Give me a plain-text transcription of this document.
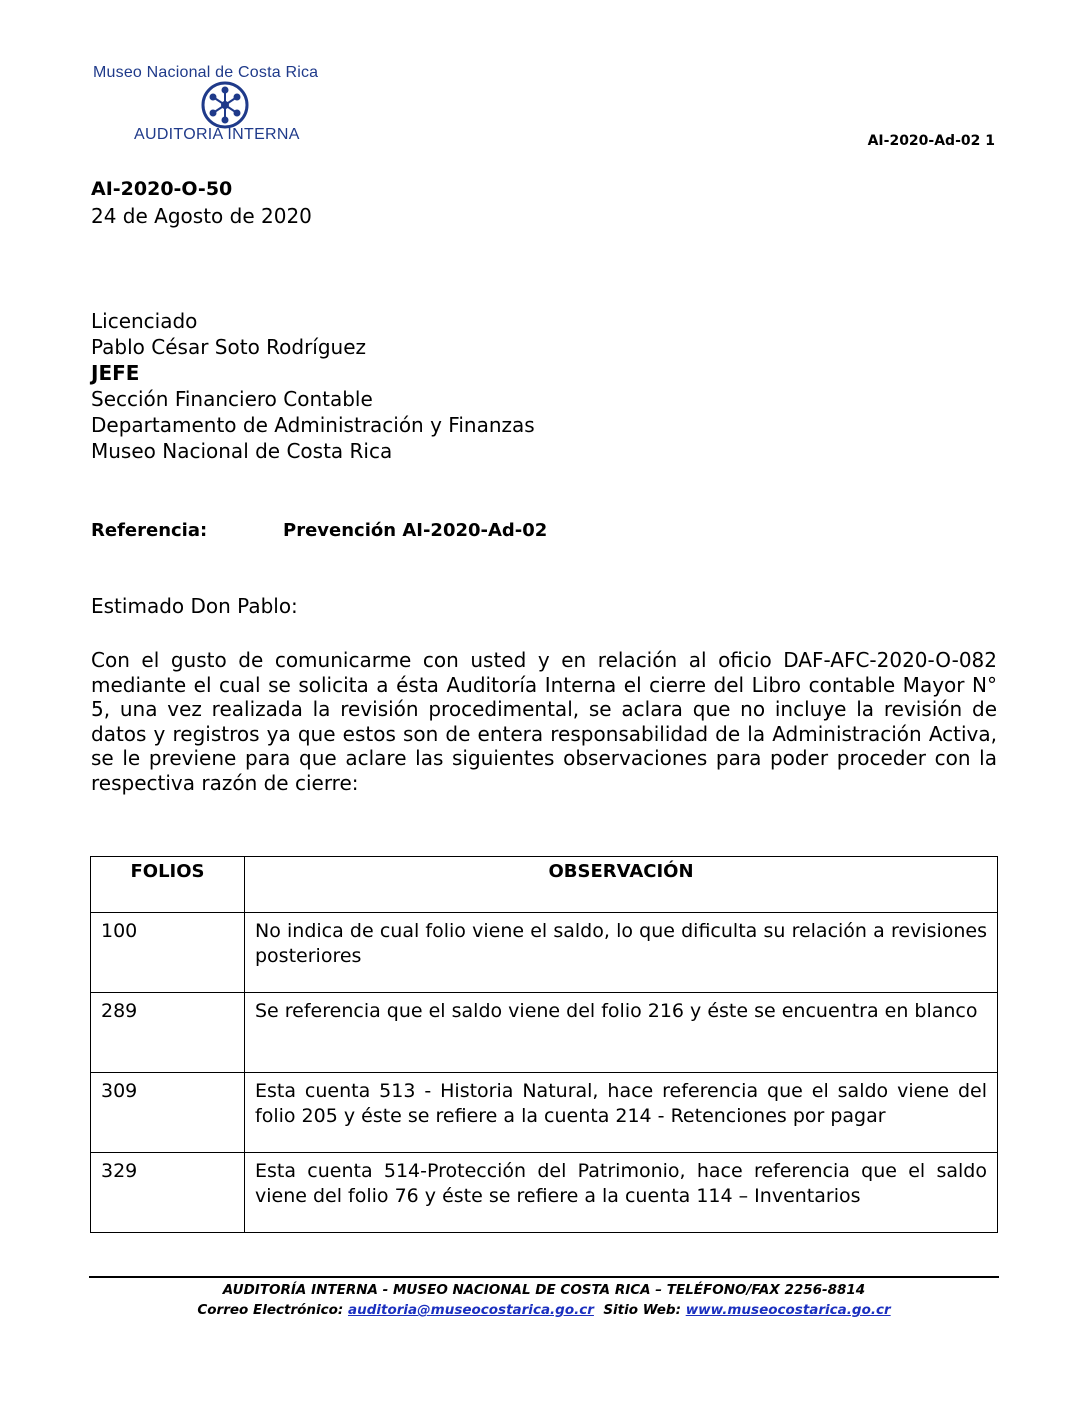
Museo Nacional de Costa Rica
AUDITORIA INTERNA	AI-2020-Ad-02 1
AI-2020-O-50
24 de Agosto de 2020
Licenciado
Pablo César Soto Rodríguez
JEFE
Sección Financiero Contable
Departamento de Administración y Finanzas
Museo Nacional de Costa Rica
Referencia:	Prevención AI-2020-Ad-02
Estimado Don Pablo:

Con el gusto de comunicarme con usted y en relación al oficio DAF-AFC-2020-O-082 mediante el cual se solicita a ésta Auditoría Interna el cierre del Libro contable Mayor N° 5, una vez realizada la revisión procedimental, se aclara que no incluye la revisión de datos y registros ya que estos son de entera responsabilidad de la Administración Activa, se le previene para que aclare las siguientes observaciones para poder proceder con la respectiva razón de cierre:

FOLIOS	OBSERVACIÓN
100	No indica de cual folio viene el saldo, lo que dificulta su relación a revisiones posteriores
289	Se referencia que el saldo viene del folio 216 y éste se encuentra en blanco
309	Esta cuenta 513 - Historia Natural, hace referencia que el saldo viene del folio 205 y éste se refiere a la cuenta 214 - Retenciones por pagar
329	Esta cuenta 514-Protección del Patrimonio, hace referencia que el saldo viene del folio 76 y éste se refiere a la cuenta 114 – Inventarios
AUDITORÍA INTERNA - MUSEO NACIONAL DE COSTA RICA – TELÉFONO/FAX 2256-8814
Correo Electrónico: auditoria@museocostarica.go.cr Sitio Web: www.museocostarica.go.cr
